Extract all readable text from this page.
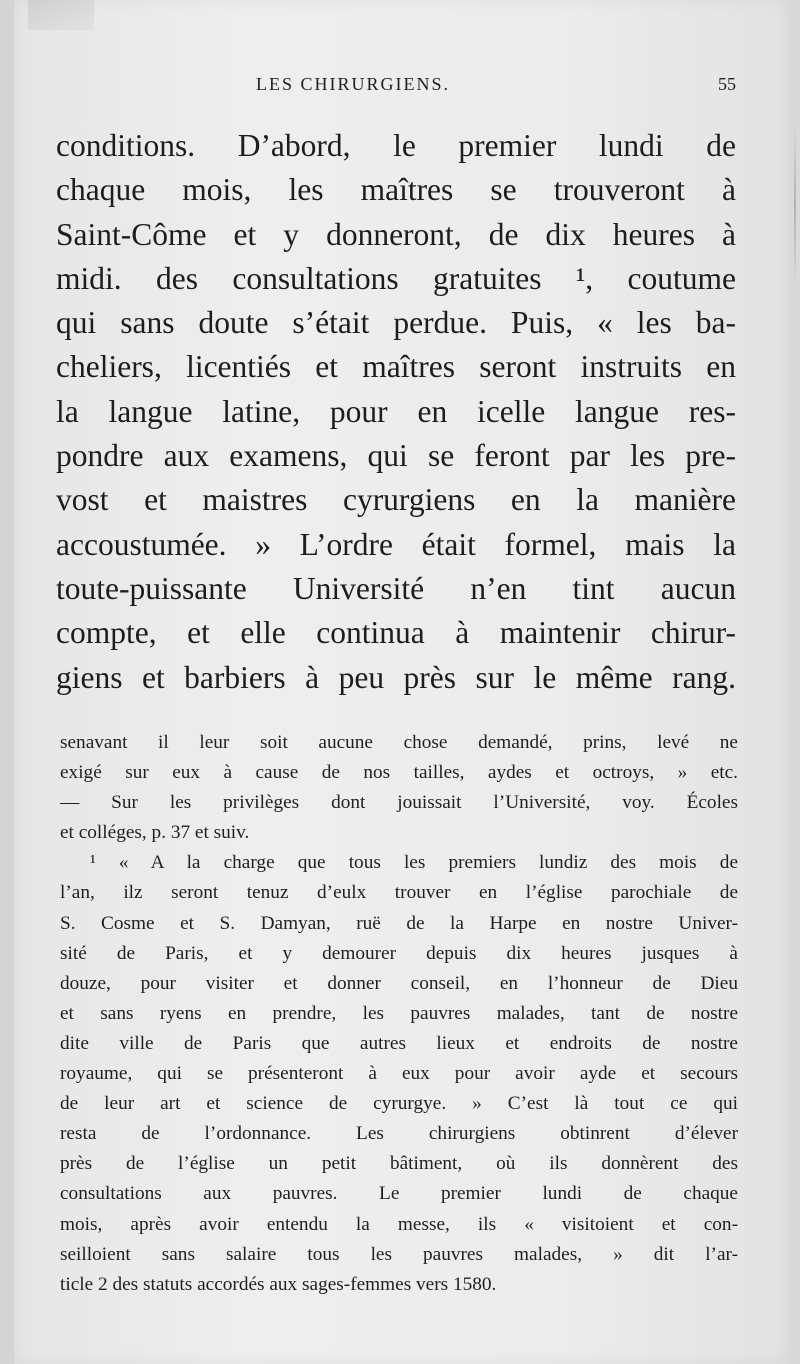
LES CHIRURGIENS.	55
conditions. D’abord, le premier lundi de
chaque mois, les maîtres se trouveront à
Saint-Côme et y donneront, de dix heures à
midi. des consultations gratuites ¹, coutume
qui sans doute s’était perdue. Puis, « les ba-
cheliers, licentiés et maîtres seront instruits en
la langue latine, pour en icelle langue res-
pondre aux examens, qui se feront par les pre-
vost et maistres cyrurgiens en la manière
accoustumée. » L’ordre était formel, mais la
toute-puissante Université n’en tint aucun
compte, et elle continua à maintenir chirur-
giens et barbiers à peu près sur le même rang.
senavant il leur soit aucune chose demandé, prins, levé ne
exigé sur eux à cause de nos tailles, aydes et octroys, » etc.
— Sur les privilèges dont jouissait l’Université, voy. Écoles
et colléges, p. 37 et suiv.
¹ « A la charge que tous les premiers lundiz des mois de
l’an, ilz seront tenuz d’eulx trouver en l’église parochiale de
S. Cosme et S. Damyan, ruë de la Harpe en nostre Univer-
sité de Paris, et y demourer depuis dix heures jusques à
douze, pour visiter et donner conseil, en l’honneur de Dieu
et sans ryens en prendre, les pauvres malades, tant de nostre
dite ville de Paris que autres lieux et endroits de nostre
royaume, qui se présenteront à eux pour avoir ayde et secours
de leur art et science de cyrurgye. » C’est là tout ce qui
resta de l’ordonnance. Les chirurgiens obtinrent d’élever
près de l’église un petit bâtiment, où ils donnèrent des
consultations aux pauvres. Le premier lundi de chaque
mois, après avoir entendu la messe, ils « visitoient et con-
seilloient sans salaire tous les pauvres malades, » dit l’ar-
ticle 2 des statuts accordés aux sages-femmes vers 1580.
